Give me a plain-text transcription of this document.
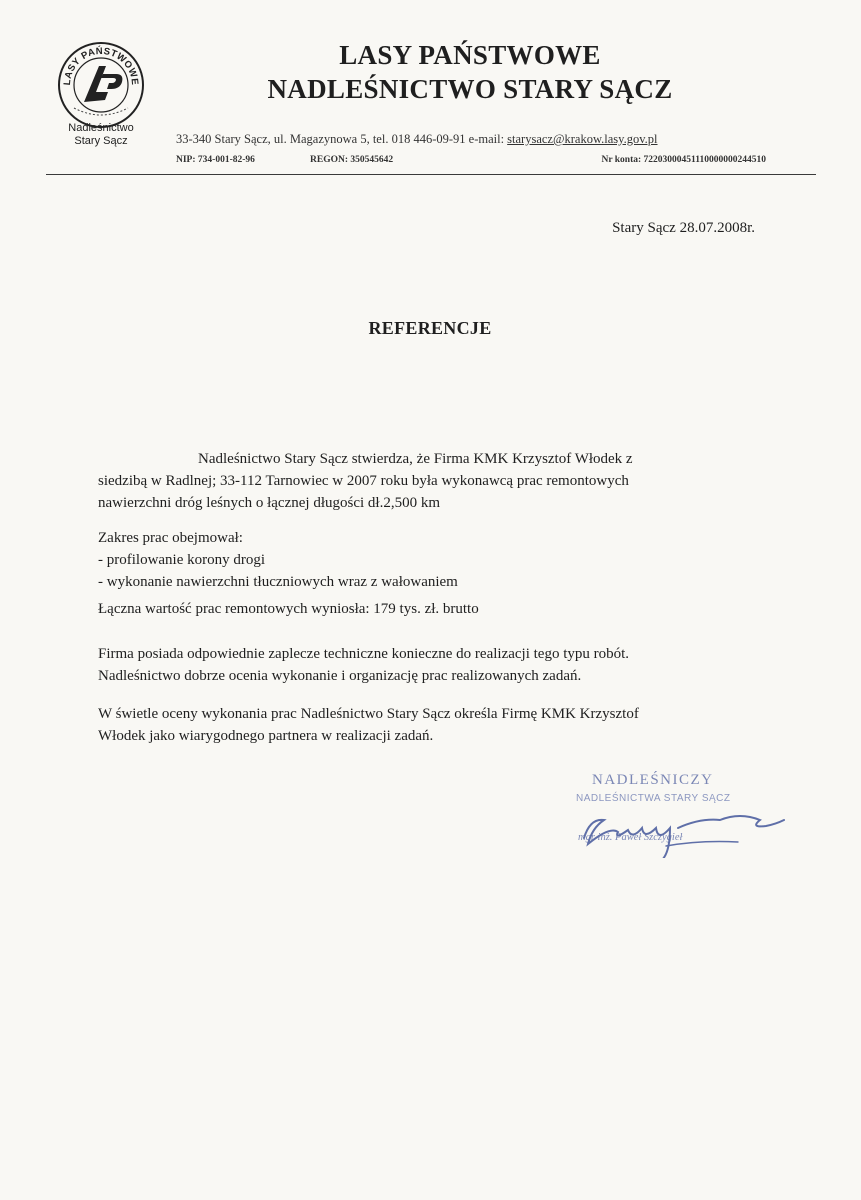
LASY PAŃSTWOWE
Nadleśnictwo
Stary Sącz
LASY PAŃSTWOWE
NADLEŚNICTWO STARY SĄCZ
33-340 Stary Sącz, ul. Magazynowa 5, tel. 018 446-09-91 e-mail: starysacz@krakow.lasy.gov.pl
NIP: 734-001-82-96	REGON: 350545642	Nr konta: 72203000451110000000244510
Stary Sącz 28.07.2008r.
REFERENCJE
Nadleśnictwo Stary Sącz stwierdza, że Firma KMK Krzysztof Włodek z
siedzibą w Radlnej; 33-112 Tarnowiec w 2007 roku była wykonawcą prac remontowych
nawierzchni dróg leśnych o łącznej długości dł.2,500 km
Zakres prac obejmował:
- profilowanie korony drogi
- wykonanie nawierzchni tłuczniowych wraz z wałowaniem
Łączna wartość prac remontowych wyniosła: 179 tys. zł. brutto
Firma posiada odpowiednie zaplecze techniczne konieczne do realizacji tego typu robót.
Nadleśnictwo dobrze ocenia wykonanie i organizację prac realizowanych zadań.
W świetle oceny wykonania prac Nadleśnictwo Stary Sącz określa Firmę KMK Krzysztof
Włodek jako wiarygodnego partnera w realizacji zadań.
NADLEŚNICZY
NADLEŚNICTWA STARY SĄCZ
mgr inż. Paweł Szczygieł
